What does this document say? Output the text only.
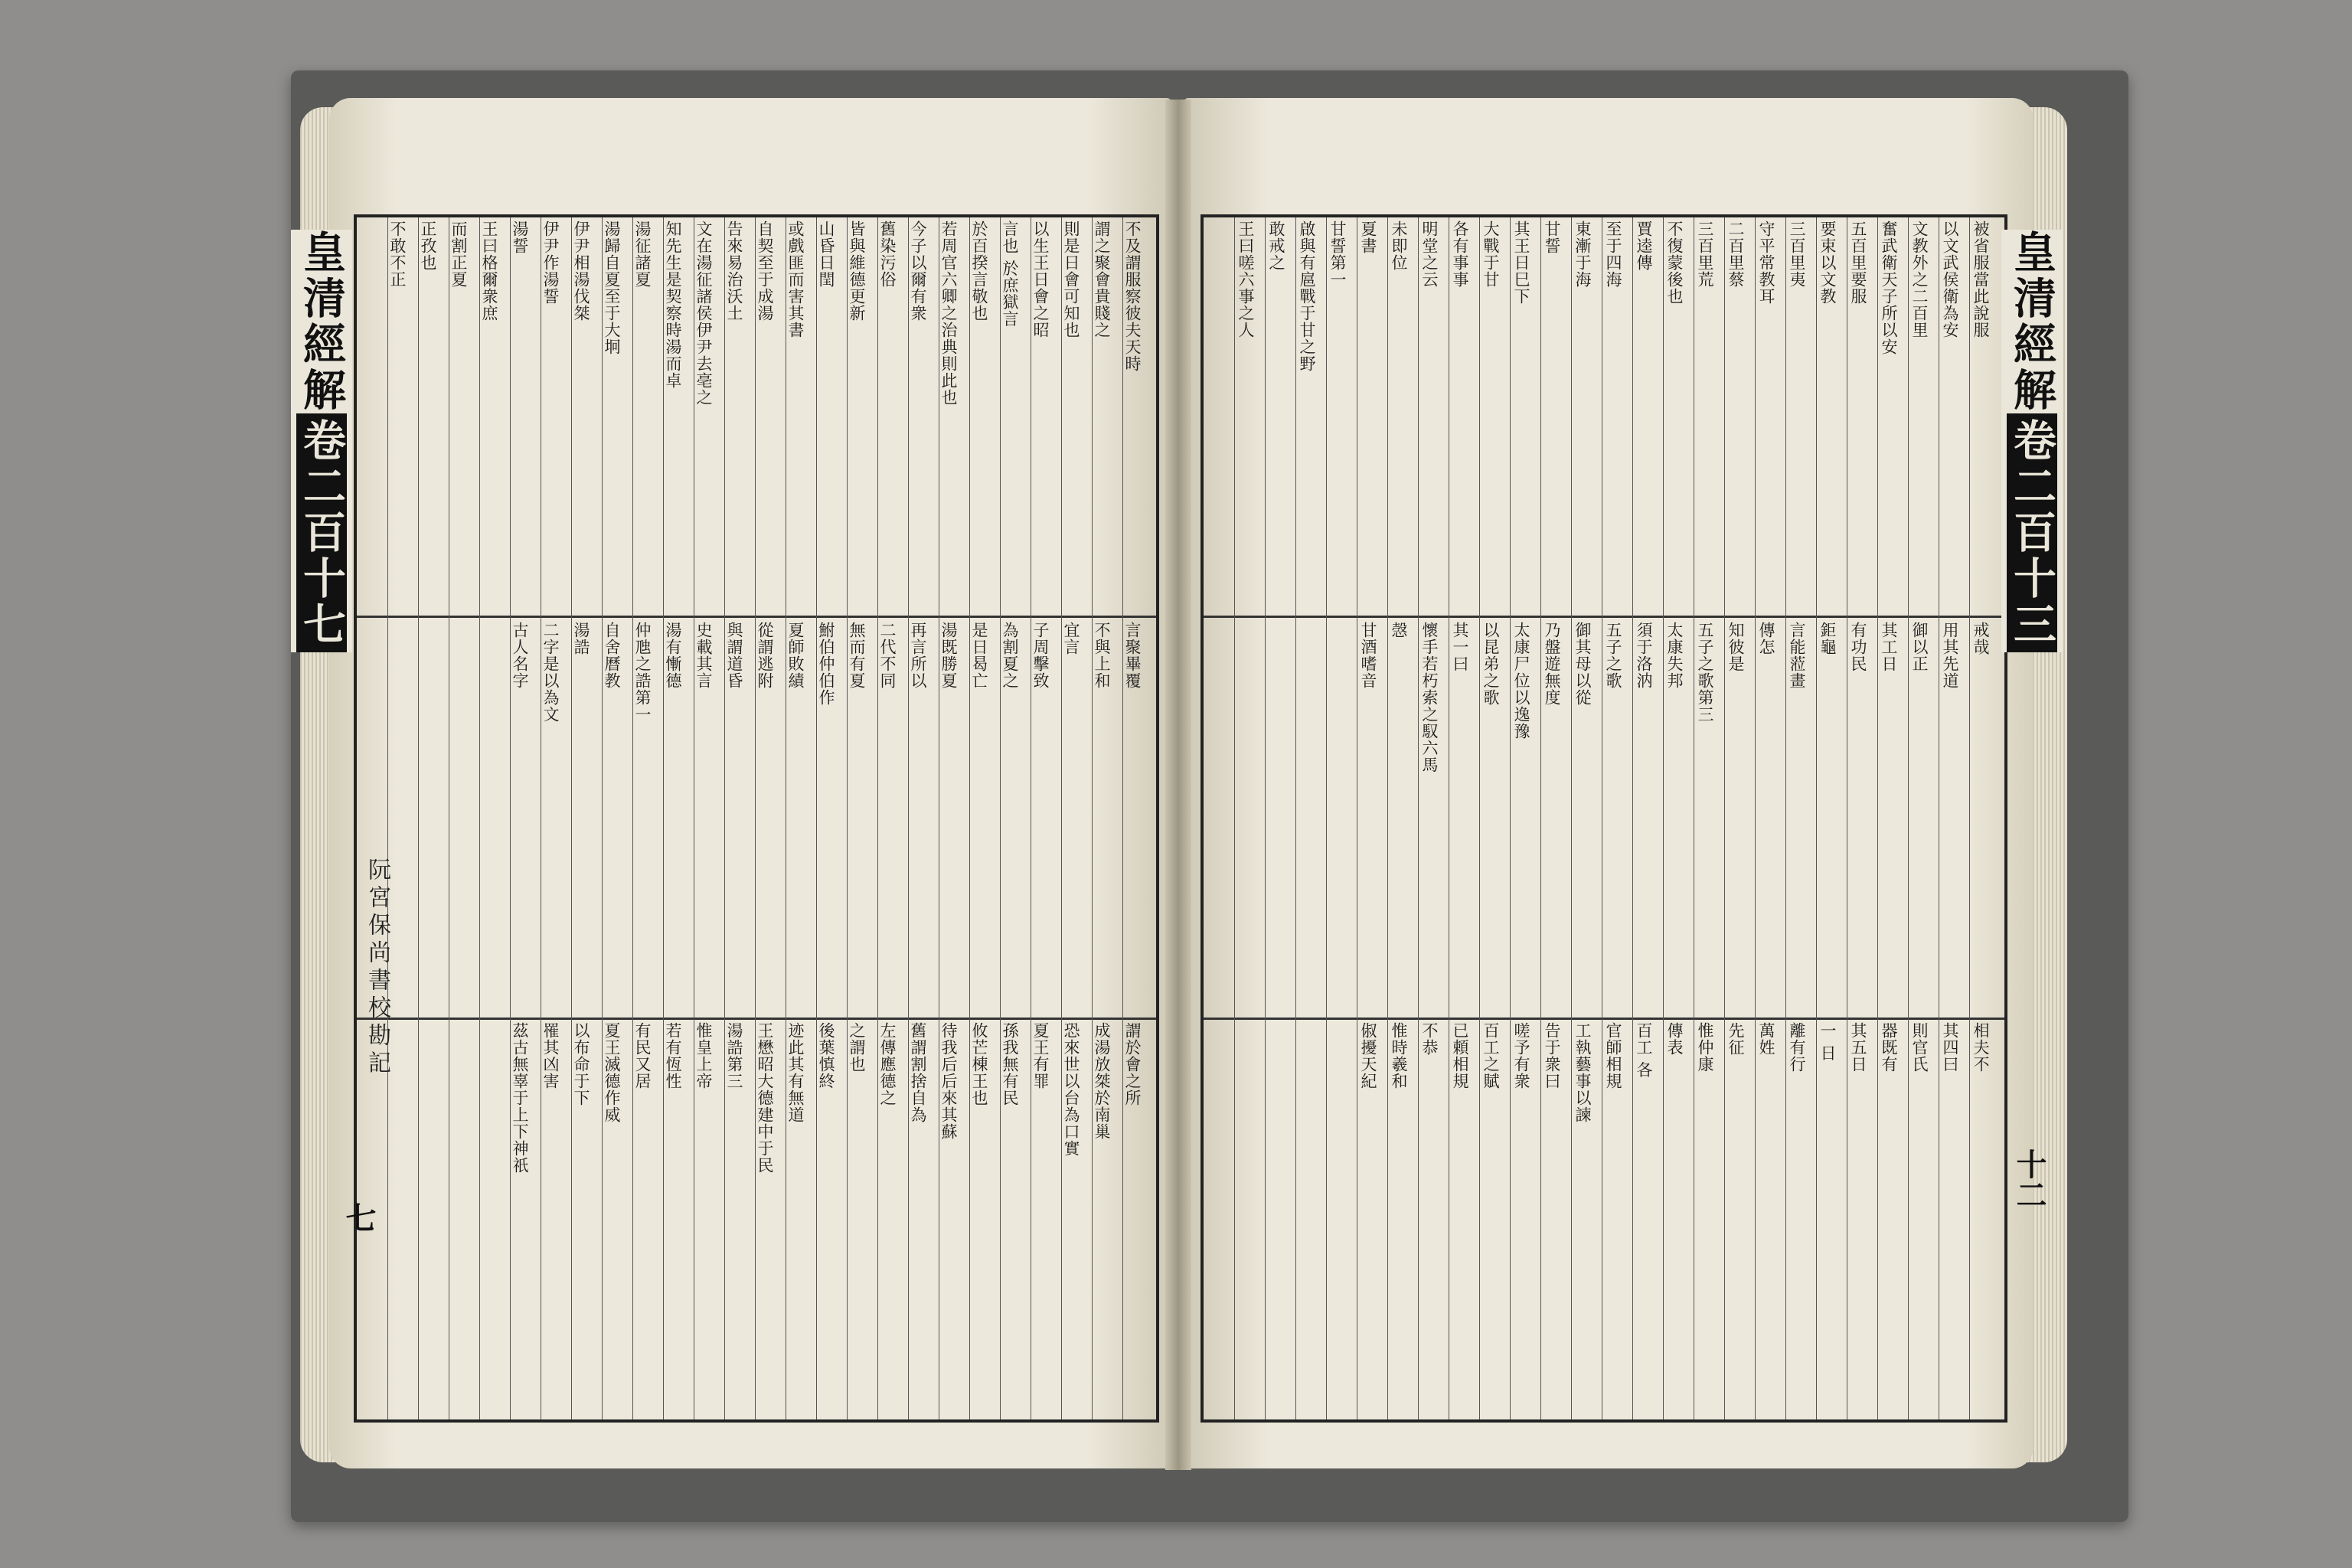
皇清經解卷二百十七
七
阮宮保尚書校勘記
不及謂服察彼夫天時
謂之聚會貴賤之
則是日會可知也
以生王日會之昭
言也 於庶獄言
於百揆言敬也
若周官六卿之治典則此也
今子以爾有衆
舊染污俗
皆與維德更新
山昏日閏
或戲匪而害其書
自契至于成湯
告來易治沃土
文在湯征諸侯伊尹去亳之
知先生是契察時湯而卓
湯征諸夏
湯歸自夏至于大坰
伊尹相湯伐桀
伊尹作湯誓
湯誓
王曰格爾衆庶
而割正夏
正孜也
不敢不正
言聚畢覆
不與上和
宜言
子周擊致
為割夏之
是日曷亡
湯既勝夏
再言所以
二代不同
無而有夏
鮒伯仲伯作
夏師敗績
從謂逃附
與謂道昏
史載其言
湯有慚德
仲虺之誥第一
自舍曆教
湯誥
二字是以為文
古人名字
謂於會之所
成湯放桀於南巢
恐來世以台為口實
夏王有罪
孫我無有民
攸芒棟王也
待我后后來其蘇
舊謂割捨自為
左傳應德之
之謂也
後葉慎終
迹此其有無道
王懋昭大德建中于民
湯誥第三
惟皇上帝
若有恆性
有民又居
夏王滅德作威
以布命于下
罹其凶害
茲古無辜于上下神祇
皇清經解卷二百十三
十二
被省服當此說服
以文武侯衛為安
文教外之二百里
奮武衛天子所以安
五百里要服
要束以文教
三百里夷
守平常教耳
二百里蔡
三百里荒
不復蒙後也
賈逵傳
至于四海
東漸于海
甘誓
其王日巳下
大戰于甘
各有事事
明堂之云
未即位
夏書
甘誓第一
啟與有扈戰于甘之野
敢戒之
王曰嗟六事之人
戒哉
用其先道
御以正
其工日
有功民
鉅龜
言能蒞畫
傳怎
知彼是
五子之歌第三
太康失邦
須于洛汭
五子之歌
御其母以從
乃盤遊無度
太康尸位以逸豫
以昆弟之歌
其一曰
懷手若朽索之馭六馬
愨
甘酒嗜音
相夫不
其四曰
則官氏
器既有
其五日
一 日
離有行
萬姓
先征
惟仲康
傳表
百工 各
官師相規
工執藝事以諫
告于衆曰
嗟予有衆
百工之賦
已頼相規
不恭
惟時羲和
俶擾天紀
